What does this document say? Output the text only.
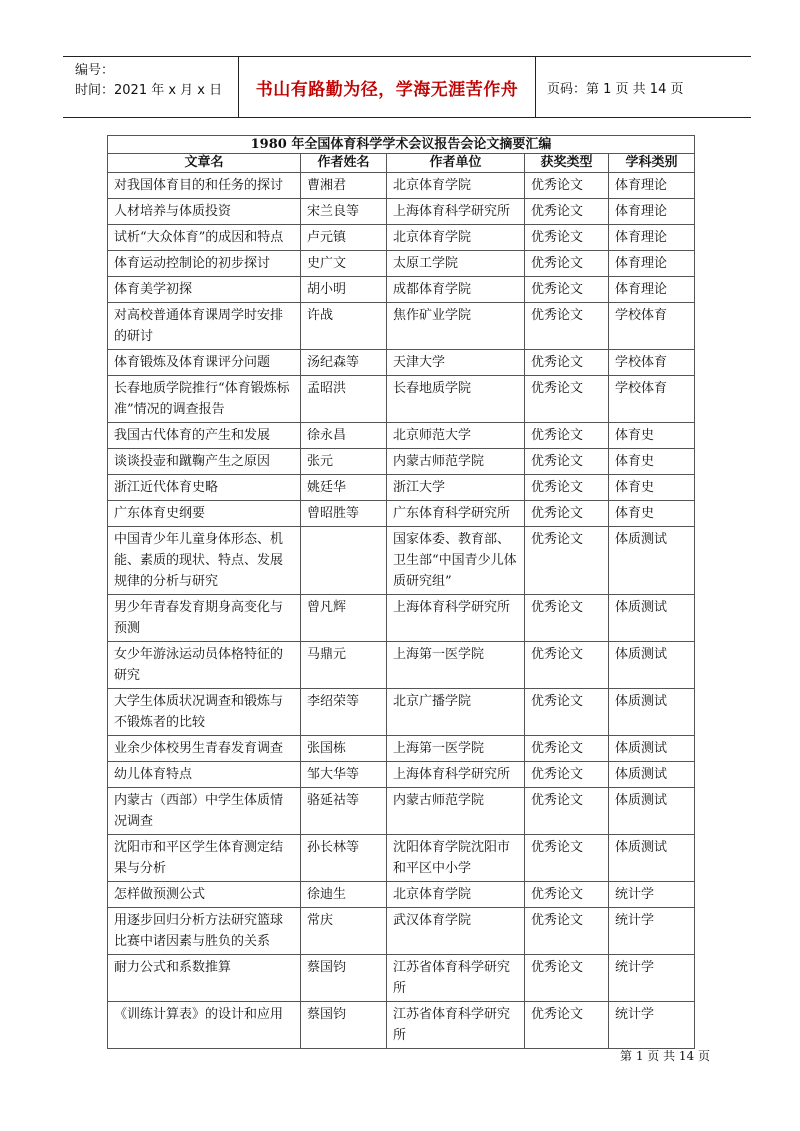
编号：
时间：2021 年 x 月 x 日	书山有路勤为径，学海无涯苦作舟	页码：第 1 页 共 14 页
1980 年全国体育科学学术会议报告会论文摘要汇编				
文章名	作者姓名	作者单位	获奖类型	学科类别
对我国体育目的和任务的探讨	曹湘君	北京体育学院	优秀论文	体育理论
人材培养与体质投资	宋兰良等	上海体育科学研究所	优秀论文	体育理论
试析“大众体育”的成因和特点	卢元镇	北京体育学院	优秀论文	体育理论
体育运动控制论的初步探讨	史广文	太原工学院	优秀论文	体育理论
体育美学初探	胡小明	成都体育学院	优秀论文	体育理论
对高校普通体育课周学时安排的研讨	许战	焦作矿业学院	优秀论文	学校体育
体育锻炼及体育课评分问题	汤纪森等	天津大学	优秀论文	学校体育
长春地质学院推行“体育锻炼标准”情况的调查报告	孟昭洪	长春地质学院	优秀论文	学校体育
我国古代体育的产生和发展	徐永昌	北京师范大学	优秀论文	体育史
谈谈投壶和蹴鞠产生之原因	张元	内蒙古师范学院	优秀论文	体育史
浙江近代体育史略	姚廷华	浙江大学	优秀论文	体育史
广东体育史纲要	曾昭胜等	广东体育科学研究所	优秀论文	体育史
中国青少年儿童身体形态、机能、素质的现状、特点、发展规律的分析与研究		国家体委、教育部、卫生部“中国青少儿体质研究组”	优秀论文	体质测试
男少年青春发育期身高变化与预测	曾凡辉	上海体育科学研究所	优秀论文	体质测试
女少年游泳运动员体格特征的研究	马鼎元	上海第一医学院	优秀论文	体质测试
大学生体质状况调查和锻炼与不锻炼者的比较	李绍荣等	北京广播学院	优秀论文	体质测试
业余少体校男生青春发育调查	张国栋	上海第一医学院	优秀论文	体质测试
幼儿体育特点	邹大华等	上海体育科学研究所	优秀论文	体质测试
内蒙古（西部）中学生体质情况调查	骆延祜等	内蒙古师范学院	优秀论文	体质测试
沈阳市和平区学生体育测定结果与分析	孙长林等	沈阳体育学院沈阳市和平区中小学	优秀论文	体质测试
怎样做预测公式	徐迪生	北京体育学院	优秀论文	统计学
用逐步回归分析方法研究篮球比赛中诸因素与胜负的关系	常庆	武汉体育学院	优秀论文	统计学
耐力公式和系数推算	蔡国钧	江苏省体育科学研究所	优秀论文	统计学
《训练计算表》的设计和应用	蔡国钧	江苏省体育科学研究所	优秀论文	统计学
第 1 页 共 14 页
